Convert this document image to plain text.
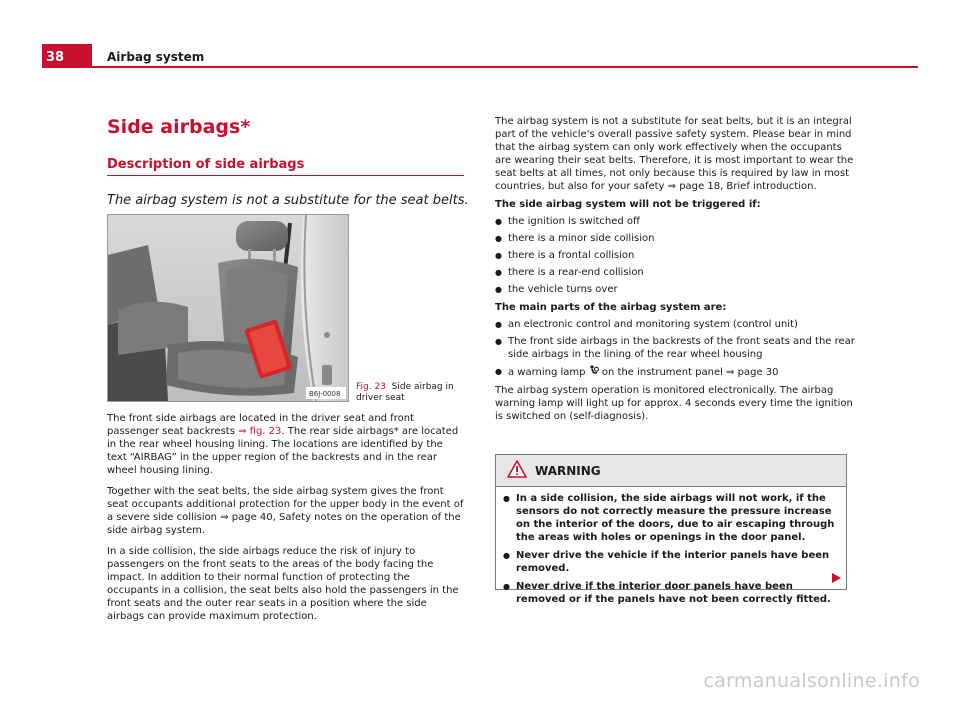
38	Airbag system
Side airbags*
Description of side airbags
The airbag system is not a substitute for the seat belts.
B6J-0008
Fig. 23 Side airbag in
driver seat

The front side airbags are located in the driver seat and front passenger seat backrests ⇒ fig. 23. The rear side airbags* are located in the rear wheel housing lining. The locations are identified by the text “AIRBAG” in the upper region of the backrests and in the rear wheel housing lining.

Together with the seat belts, the side airbag system gives the front seat occupants additional protection for the upper body in the event of a severe side collision ⇒ page 40, Safety notes on the operation of the side airbag system.

In a side collision, the side airbags reduce the risk of injury to passengers on the front seats to the areas of the body facing the impact. In addition to their normal function of protecting the occupants in a collision, the seat belts also hold the passengers in the front seats and the outer rear seats in a position where the side airbags can provide maximum protection.

The airbag system is not a substitute for seat belts, but it is an integral part of the vehicle's overall passive safety system. Please bear in mind that the airbag system can only work effectively when the occupants are wearing their seat belts. Therefore, it is most important to wear the seat belts at all times, not only because this is required by law in most countries, but also for your safety ⇒ page 18, Brief introduction.

The side airbag system will not be triggered if:

● the ignition is switched off
● there is a minor side collision
● there is a frontal collision
● there is a rear-end collision
● the vehicle turns over

The main parts of the airbag system are:

● an electronic control and monitoring system (control unit)
● The front side airbags in the backrests of the front seats and the rear side airbags in the lining of the rear wheel housing
● a warning lamp  on the instrument panel ⇒ page 30

The airbag system operation is monitored electronically. The airbag warning lamp will light up for approx. 4 seconds every time the ignition is switched on (self-diagnosis).

WARNING
● In a side collision, the side airbags will not work, if the sensors do not correctly measure the pressure increase on the interior of the doors, due to air escaping through the areas with holes or openings in the door panel.
● Never drive the vehicle if the interior panels have been removed.
● Never drive if the interior door panels have been removed or if the panels have not been correctly fitted.
carmanualsonline.info
